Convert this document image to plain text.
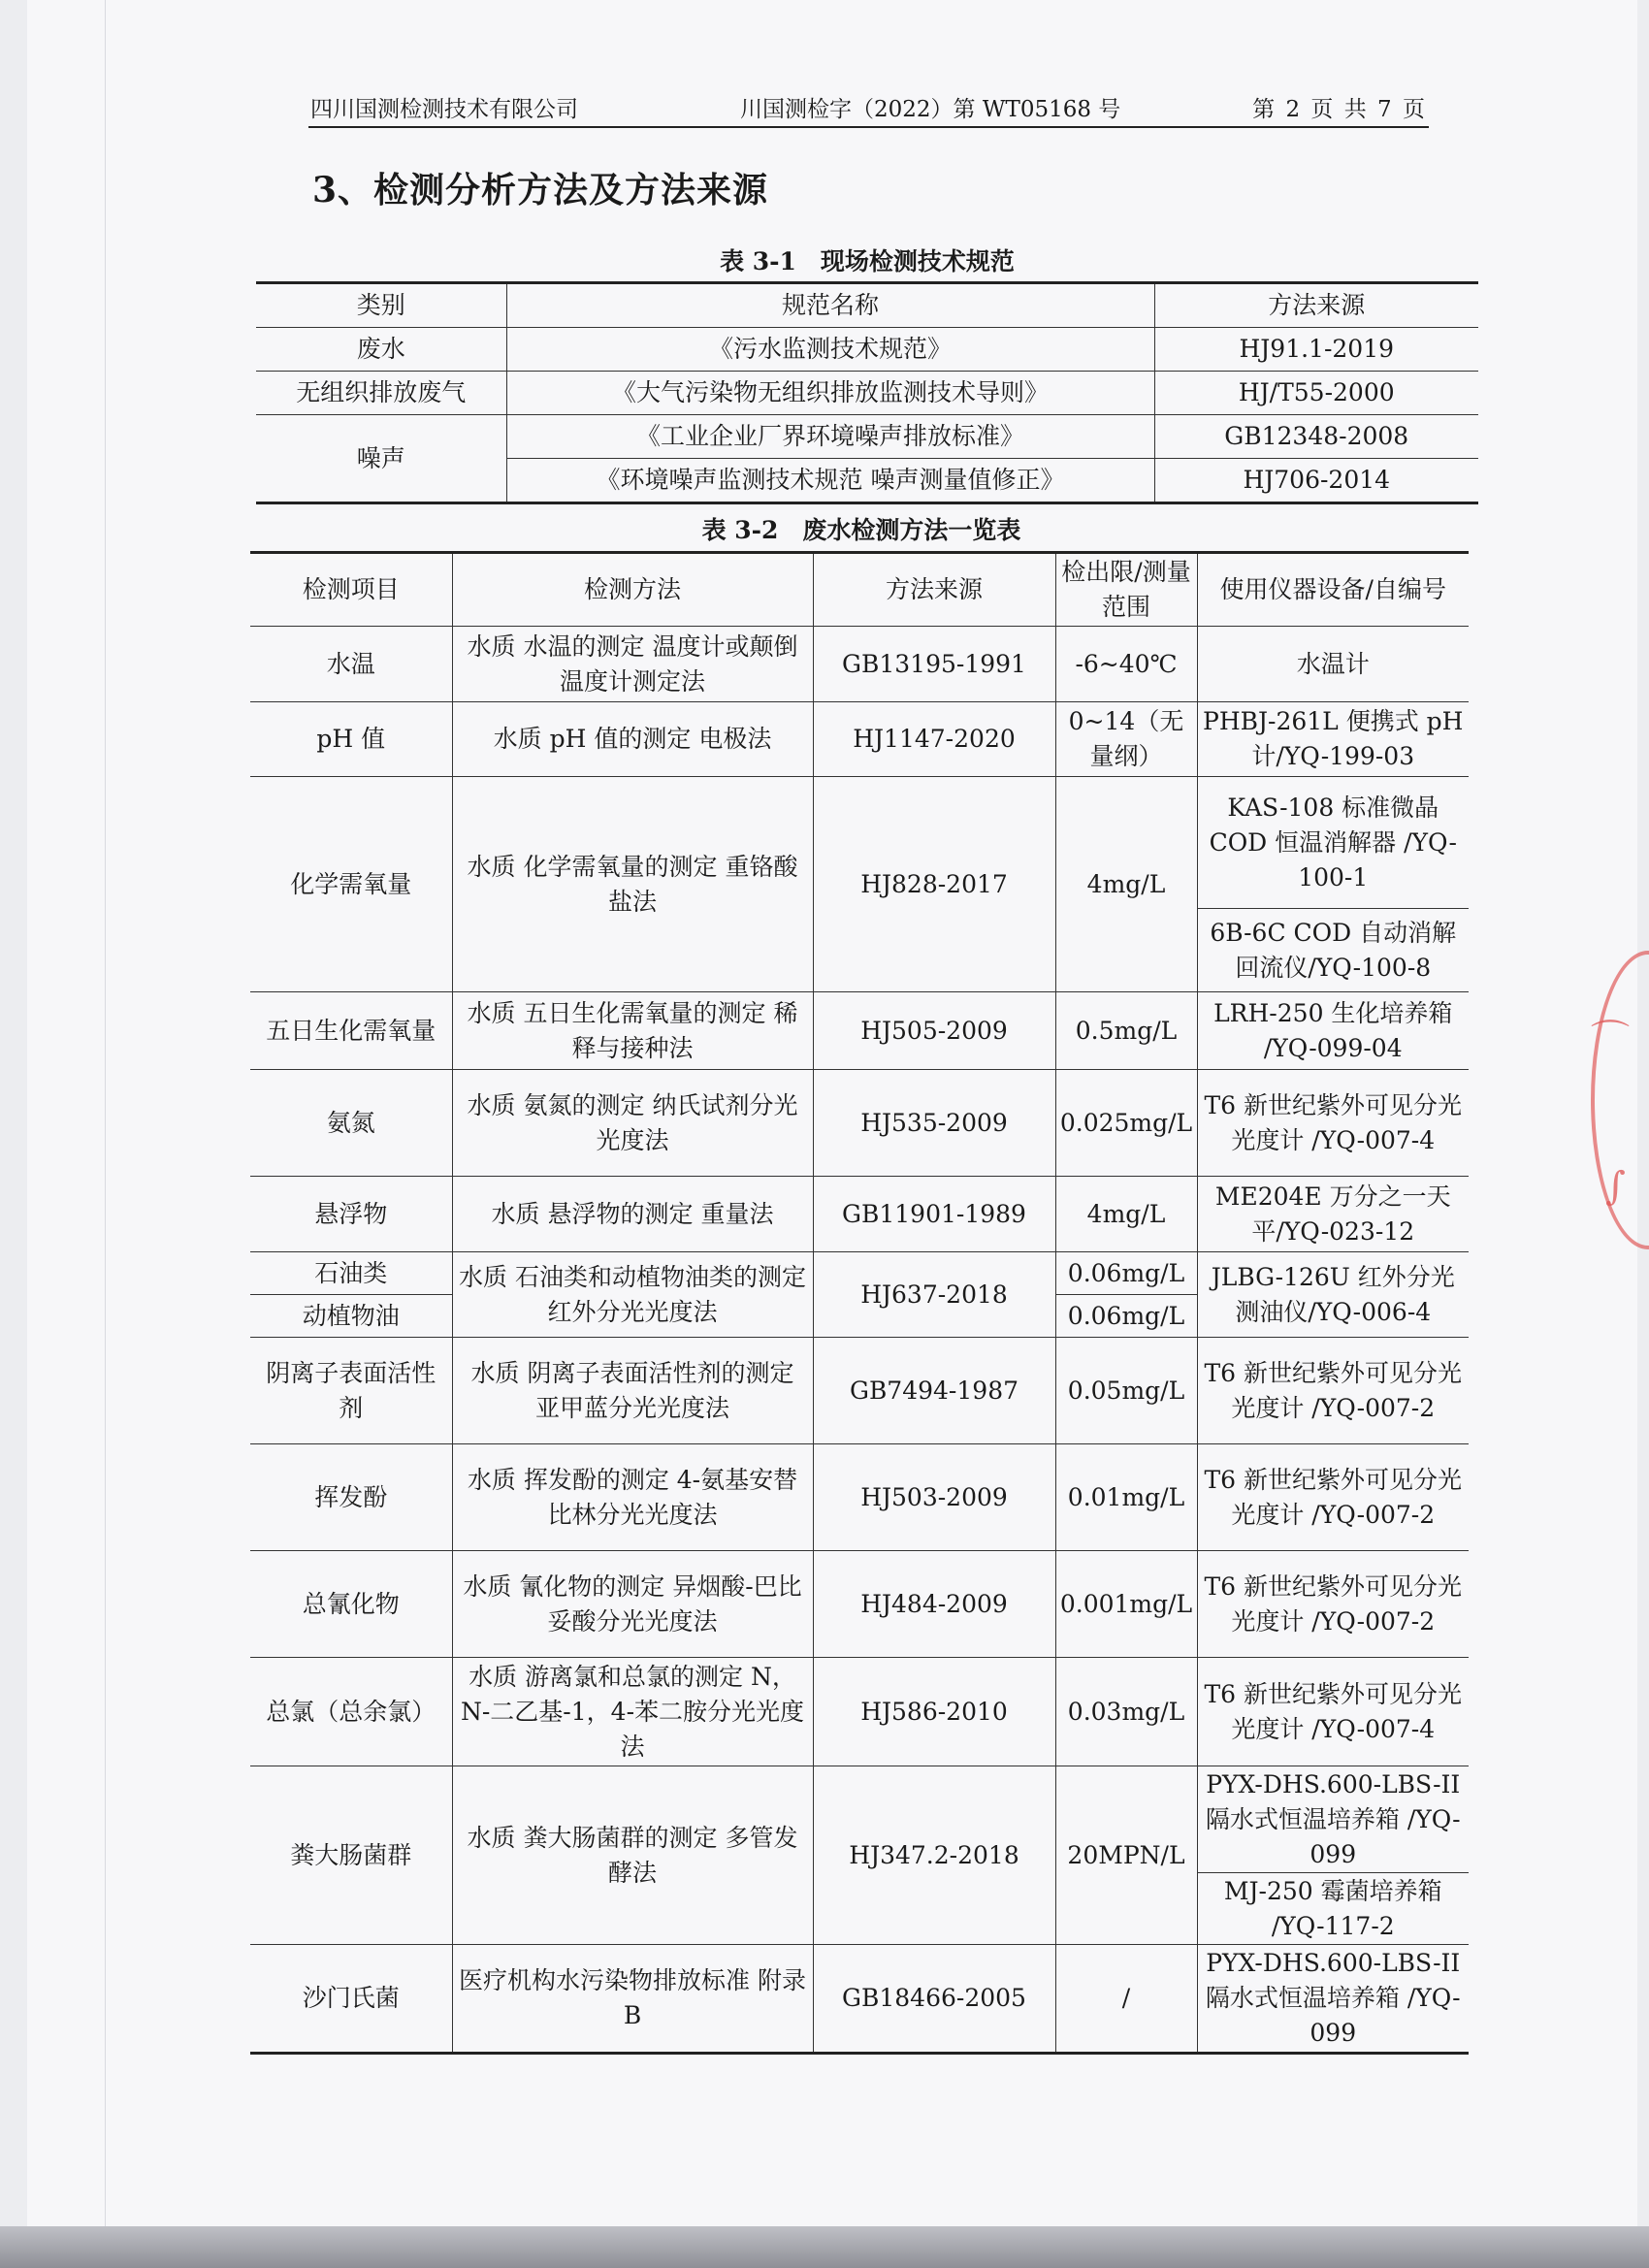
四川国测检测技术有限公司	川国测检字（2022）第 WT05168 号	第 2 页 共 7 页
3、检测分析方法及方法来源
表 3-1　现场检测技术规范
类别	规范名称	方法来源
废水	《污水监测技术规范》	HJ91.1-2019
无组织排放废气	《大气污染物无组织排放监测技术导则》	HJ/T55-2000
噪声	《工业企业厂界环境噪声排放标准》	GB12348-2008
	《环境噪声监测技术规范 噪声测量值修正》	HJ706-2014
表 3-2　废水检测方法一览表
检测项目	检测方法	方法来源	检出限/测量范围	使用仪器设备/自编号
水温	水质 水温的测定 温度计或颠倒温度计测定法	GB13195-1991	-6~40℃	水温计
pH 值	水质 pH 值的测定 电极法	HJ1147-2020	0~14（无量纲）	PHBJ-261L 便携式 pH 计/YQ-199-03
化学需氧量	水质 化学需氧量的测定 重铬酸盐法	HJ828-2017	4mg/L	KAS-108 标准微晶 COD 恒温消解器 /YQ-100-1
				6B-6C COD 自动消解回流仪/YQ-100-8
五日生化需氧量	水质 五日生化需氧量的测定 稀释与接种法	HJ505-2009	0.5mg/L	LRH-250 生化培养箱 /YQ-099-04
氨氮	水质 氨氮的测定 纳氏试剂分光光度法	HJ535-2009	0.025mg/L	T6 新世纪紫外可见分光光度计 /YQ-007-4
悬浮物	水质 悬浮物的测定 重量法	GB11901-1989	4mg/L	ME204E 万分之一天平/YQ-023-12
石油类	水质 石油类和动植物油类的测定 红外分光光度法	HJ637-2018	0.06mg/L	JLBG-126U 红外分光测油仪/YQ-006-4
动植物油			0.06mg/L	
阴离子表面活性剂	水质 阴离子表面活性剂的测定 亚甲蓝分光光度法	GB7494-1987	0.05mg/L	T6 新世纪紫外可见分光光度计 /YQ-007-2
挥发酚	水质 挥发酚的测定 4-氨基安替比林分光光度法	HJ503-2009	0.01mg/L	T6 新世纪紫外可见分光光度计 /YQ-007-2
总氰化物	水质 氰化物的测定 异烟酸-巴比妥酸分光光度法	HJ484-2009	0.001mg/L	T6 新世纪紫外可见分光光度计 /YQ-007-2
总氯（总余氯）	水质 游离氯和总氯的测定 N，N-二乙基-1，4-苯二胺分光光度法	HJ586-2010	0.03mg/L	T6 新世纪紫外可见分光光度计 /YQ-007-4
粪大肠菌群	水质 粪大肠菌群的测定 多管发酵法	HJ347.2-2018	20MPN/L	PYX-DHS.600-LBS-II 隔水式恒温培养箱 /YQ-099
				MJ-250 霉菌培养箱 /YQ-117-2
沙门氏菌	医疗机构水污染物排放标准 附录 B	GB18466-2005	/	PYX-DHS.600-LBS-II 隔水式恒温培养箱 /YQ-099
⌒
∫
